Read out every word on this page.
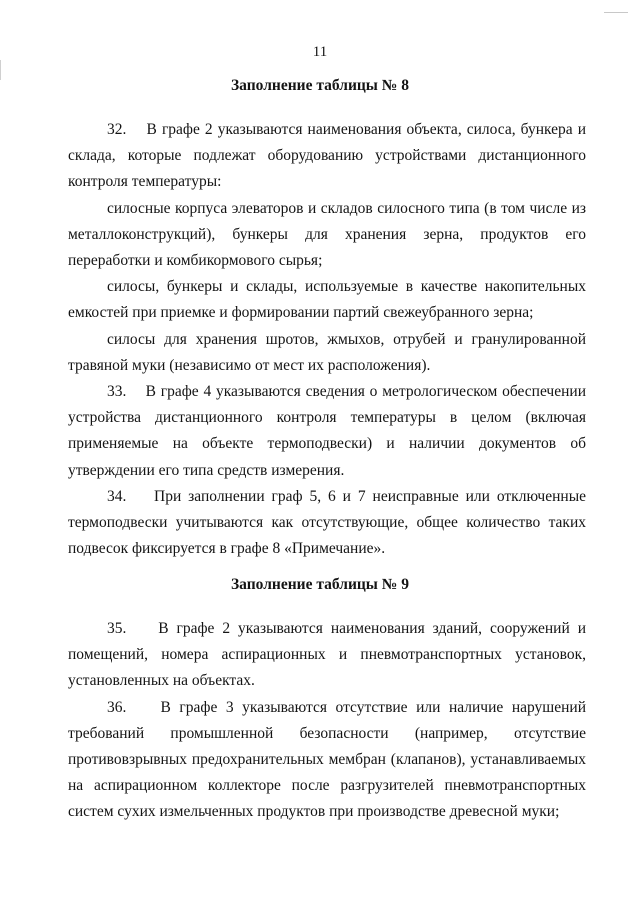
11
Заполнение таблицы № 8

32.    В графе 2 указываются наименования объекта, силоса, бункера и склада, которые подлежат оборудованию устройствами дистанционного контроля температуры:

силосные корпуса элеваторов и складов силосного типа (в том числе из металлоконструкций), бункеры для хранения зерна, продуктов его переработки и комбикормового сырья;

силосы, бункеры и склады, используемые в качестве накопительных емкостей при приемке и формировании партий свежеубранного зерна;

силосы для хранения шротов, жмыхов, отрубей и гранулированной травяной муки (независимо от мест их расположения).

33.    В графе 4 указываются сведения о метрологическом обеспечении устройства дистанционного контроля температуры в целом (включая применяемые на объекте термоподвески) и наличии документов об утверждении его типа средств измерения.

34.    При заполнении граф 5, 6 и 7 неисправные или отключенные термоподвески учитываются как отсутствующие, общее количество таких подвесок фиксируется в графе 8 «Примечание».

Заполнение таблицы № 9

35.    В графе 2 указываются наименования зданий, сооружений и помещений, номера аспирационных и пневмотранспортных установок, установленных на объектах.

36.    В графе 3 указываются отсутствие или наличие нарушений требований промышленной безопасности (например, отсутствие противовзрывных предохранительных мембран (клапанов), устанавливаемых на аспирационном коллекторе после разгрузителей пневмотранспортных систем сухих измельченных продуктов при производстве древесной муки;
